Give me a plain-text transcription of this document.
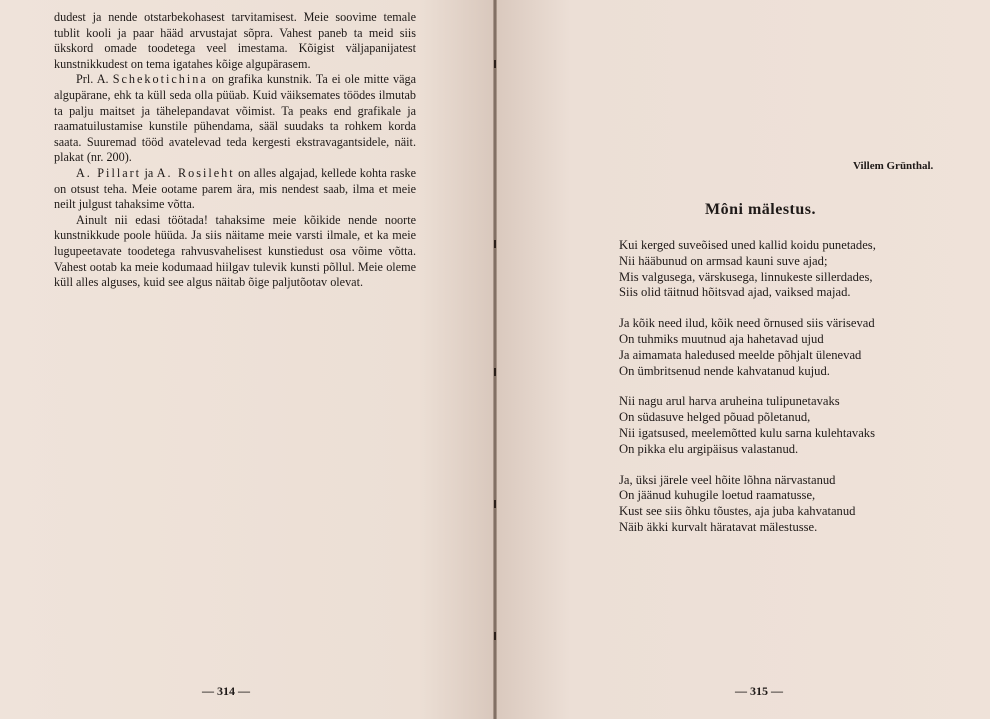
dudest ja nende otstarbekohasest tarvitamisest. Meie soovime temale tublit kooli ja paar hääd arvustajat sõpra. Vahest paneb ta meid siis ükskord omade toodetega veel imestama. Kõigist väljapanijatest kunstnikkudest on tema igatahes kõige algupärasem.

Prl. A. Schekotichina on grafika kunstnik. Ta ei ole mitte väga algupärane, ehk ta küll seda olla püüab. Kuid väiksemates töödes ilmutab ta palju maitset ja tähelepandavat võimist. Ta peaks end grafikale ja raamatuilustamise kunstile pühendama, sääl suudaks ta rohkem korda saata. Suuremad tööd avatelevad teda kergesti ekstravagantsidele, näit. plakat (nr. 200).

A. Pillart ja A. Rosileht on alles algajad, kellede kohta raske on otsust teha. Meie ootame parem ära, mis nendest saab, ilma et meie neilt julgust tahaksime võtta.

Ainult nii edasi töötada! tahaksime meie kõikide nende noorte kunstnikkude poole hüüda. Ja siis näitame meie varsti ilmale, et ka meie lugupeetavate toodetega rahvusvahelisest kunstiedust osa võime võtta. Vahest ootab ka meie kodumaad hiilgav tulevik kunsti põllul. Meie oleme küll alles alguses, kuid see algus näitab õige paljutõotav olevat.

— 314 —
Villem Grünthal.
Môni mälestus.
Kui kerged suveõised uned kallid koidu punetades,
Nii hääbunud on armsad kauni suve ajad;
Mis valgusega, värskusega, linnukeste sillerdades,
Siis olid täitnud hõitsvad ajad, vaiksed majad.
Ja kõik need ilud, kõik need õrnused siis värisevad
On tuhmiks muutnud aja hahetavad ujud
Ja aimamata haledused meelde põhjalt ülenevad
On ümbritsenud nende kahvatanud kujud.
Nii nagu arul harva aruheina tulipunetavaks
On südasuve helged põuad põletanud,
Nii igatsused, meelemõtted kulu sarna kulehtavaks
On pikka elu argipäisus valastanud.
Ja, üksi järele veel hõite lõhna närvastanud
On jäänud kuhugile loetud raamatusse,
Kust see siis õhku tõustes, aja juba kahvatanud
Näib äkki kurvalt häratavat mälestusse.
— 315 —
